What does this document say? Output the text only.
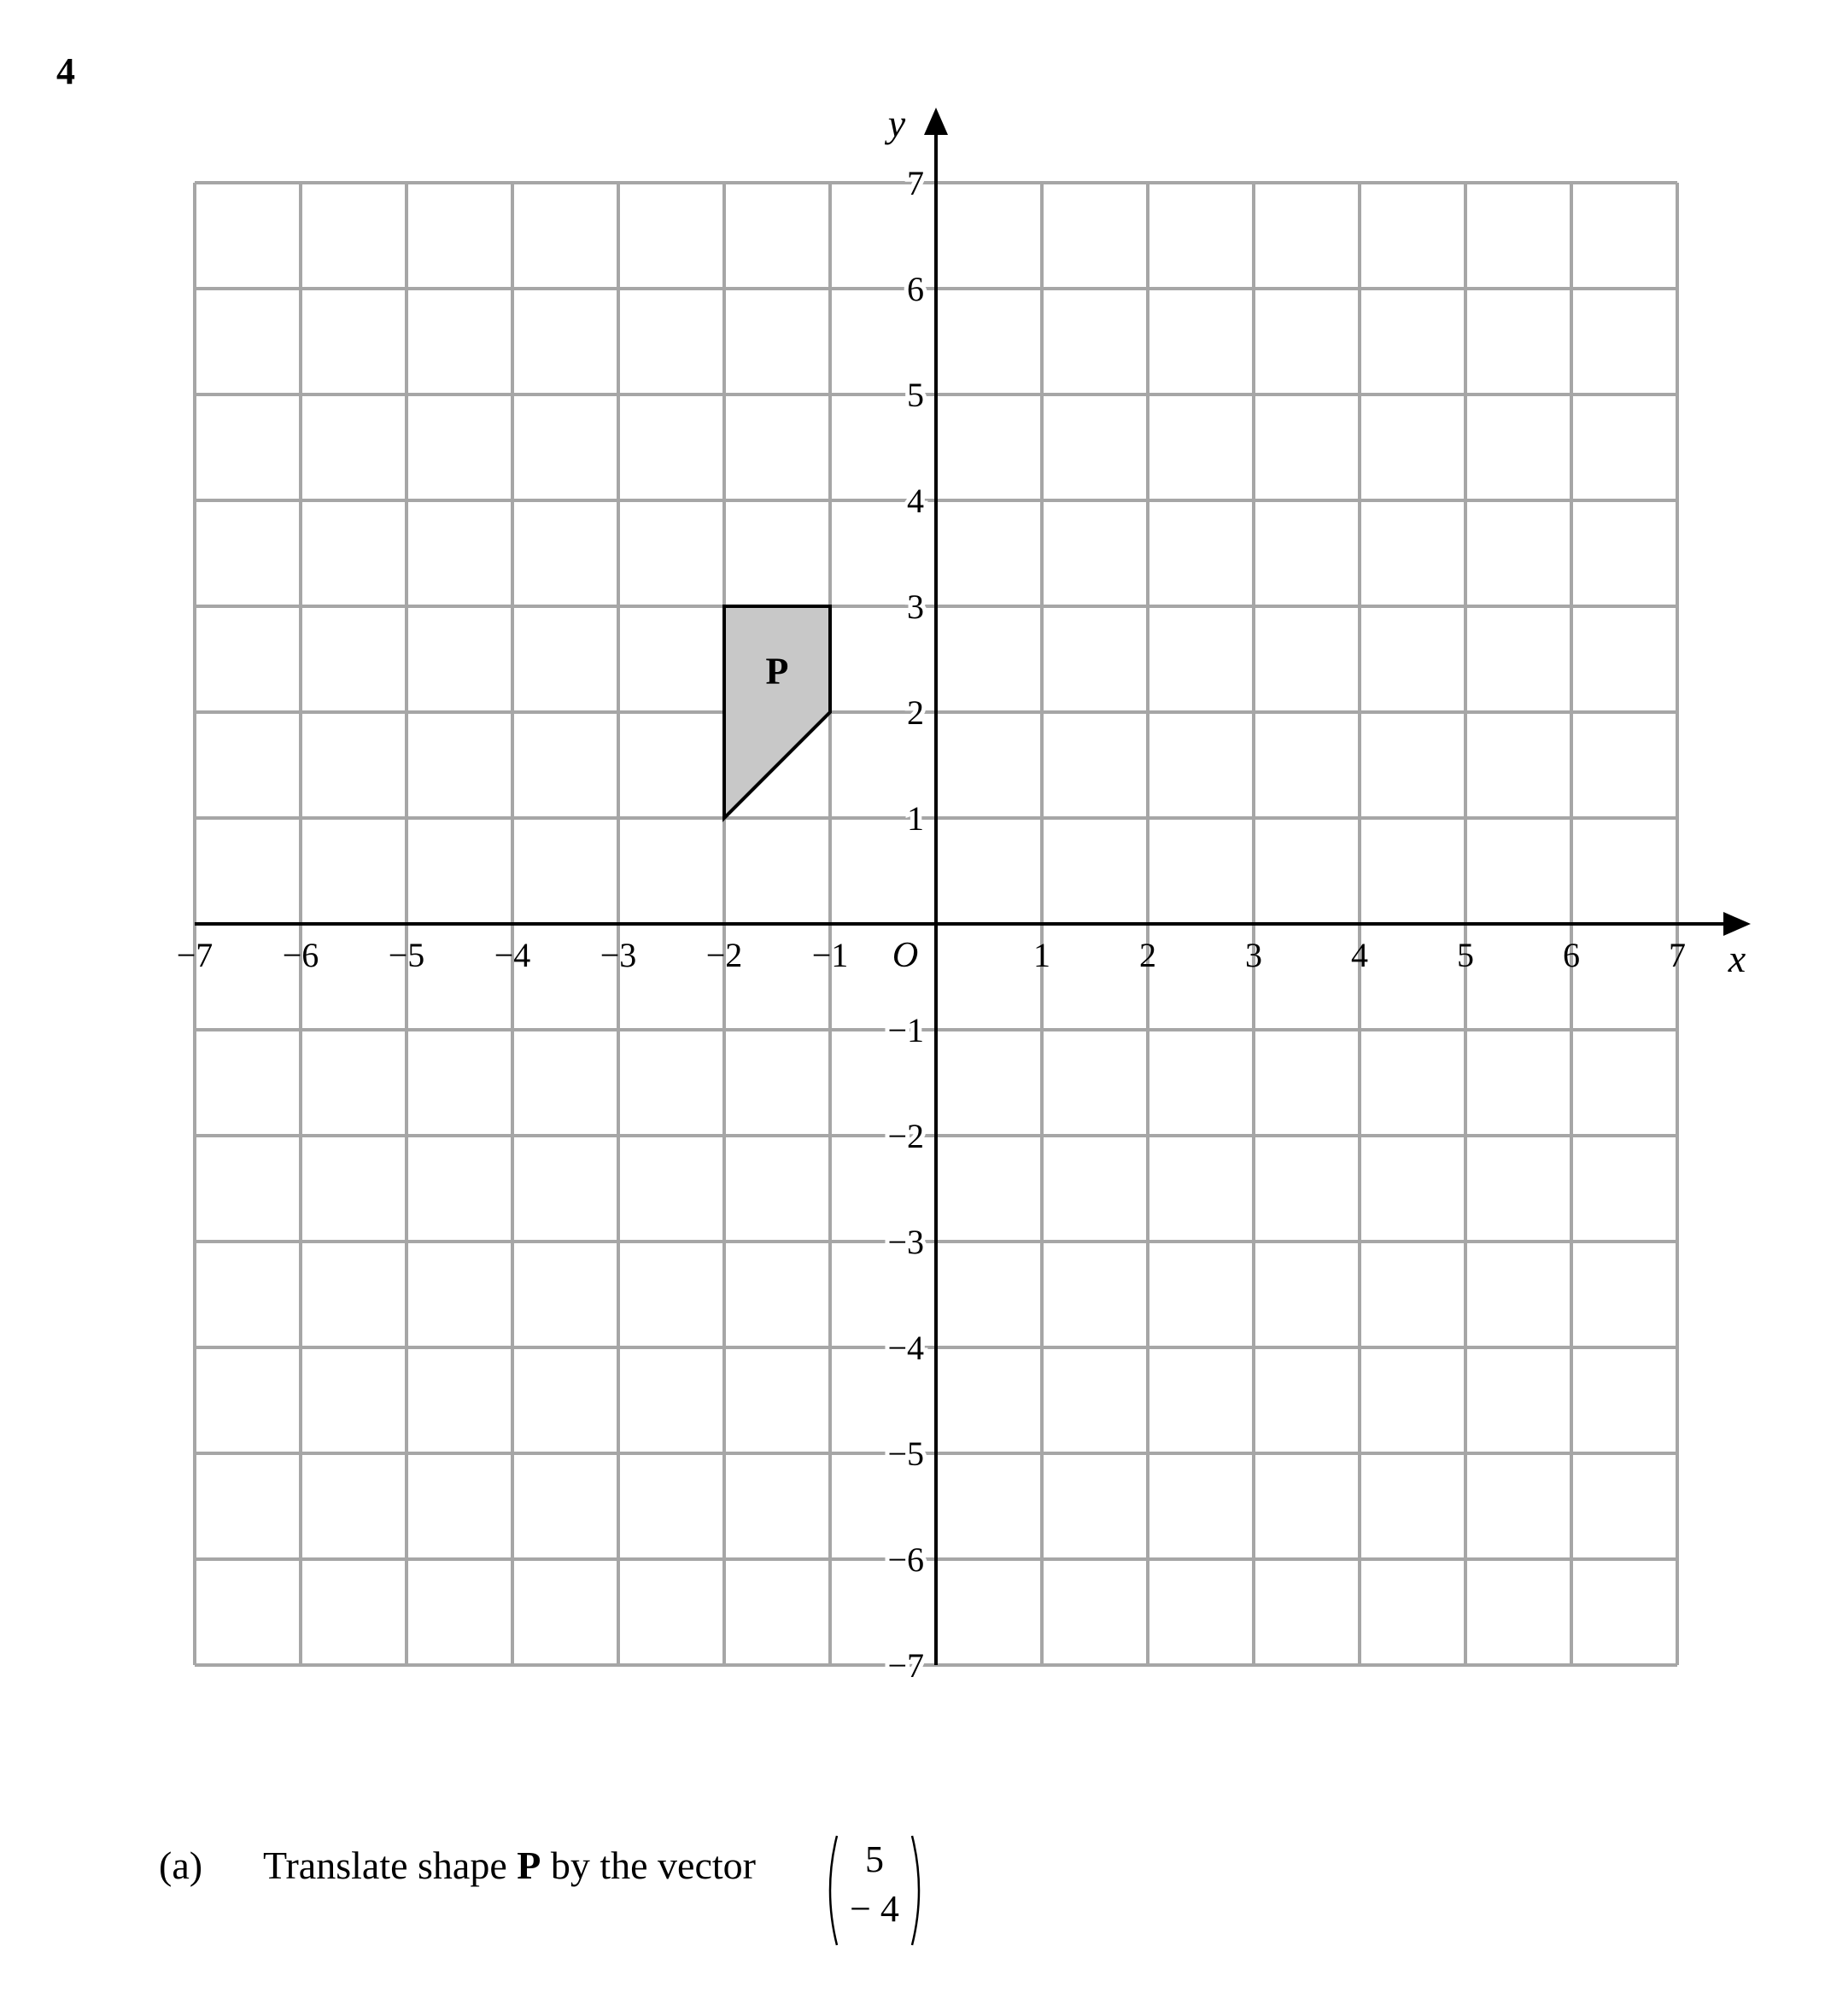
4
P
−7 −6 −5 −4 −3 −2 −1	1	2	3	4	5	6	7
7
6
5
4
3
2
1
−1
−2
−3
−4
−5
−6
−7
O	x
y
(a) Translate shape P by the vector	5
− 4
